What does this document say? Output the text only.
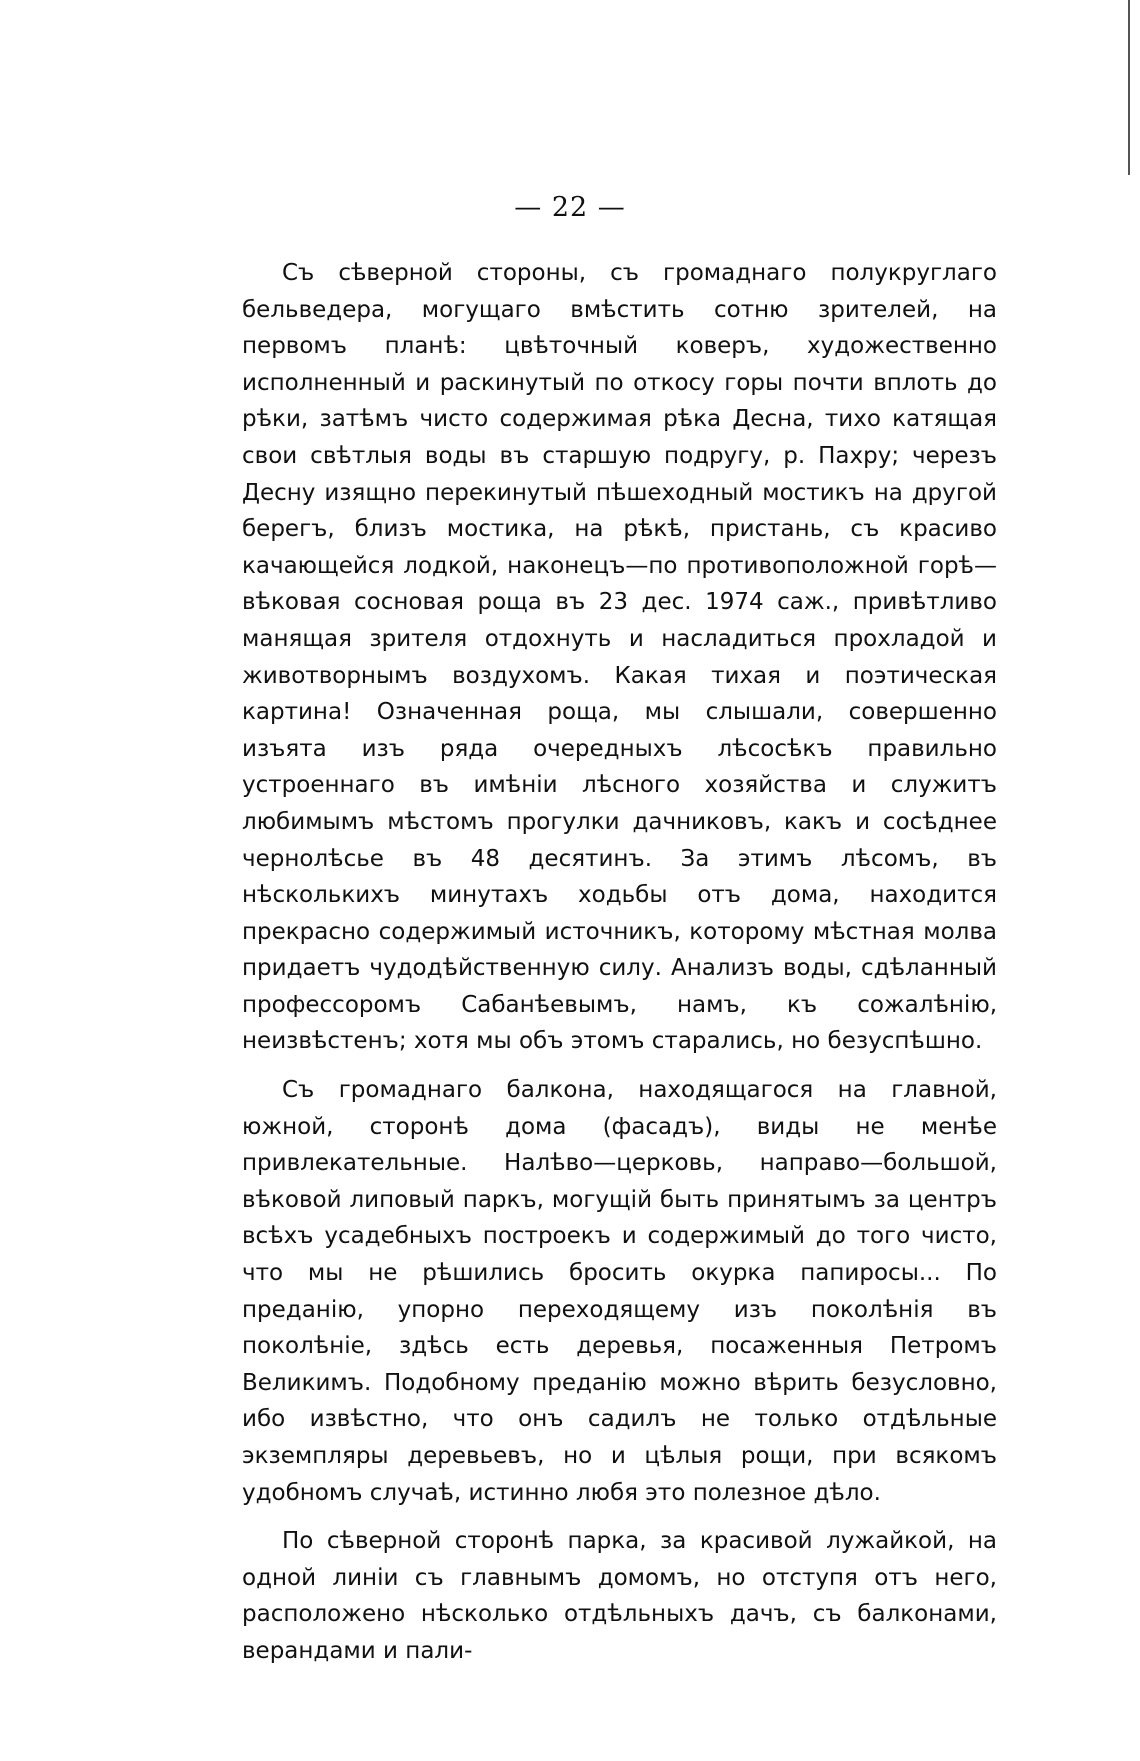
— 22 —

Съ сѣверной стороны, съ громаднаго полукруглаго бельведера, могущаго вмѣстить сотню зрителей, на первомъ планѣ: цвѣточный коверъ, художественно исполненный и раскинутый по откосу горы почти вплоть до рѣки, затѣмъ чисто содержимая рѣка Десна, тихо катящая свои свѣтлыя воды въ старшую подругу, р. Пахру; черезъ Десну изящно перекинутый пѣшеходный мостикъ на другой берегъ, близъ мостика, на рѣкѣ, пристань, съ красиво качающейся лодкой, наконецъ—по противоположной горѣ—вѣковая сосновая роща въ 23 дес. 1974 саж., привѣтливо манящая зрителя отдохнуть и насладиться прохладой и животворнымъ воздухомъ. Какая тихая и поэтическая картина! Означенная роща, мы слышали, совершенно изъята изъ ряда очередныхъ лѣсосѣкъ правильно устроеннаго въ имѣніи лѣсного хозяйства и служитъ любимымъ мѣстомъ прогулки дачниковъ, какъ и сосѣднее чернолѣсье въ 48 десятинъ. За этимъ лѣсомъ, въ нѣсколькихъ минутахъ ходьбы отъ дома, находится прекрасно содержимый источникъ, которому мѣстная молва придаетъ чудодѣйственную силу. Анализъ воды, сдѣланный профессоромъ Сабанѣевымъ, намъ, къ сожалѣнію, неизвѣстенъ; хотя мы объ этомъ старались, но безуспѣшно.

Съ громаднаго балкона, находящагося на главной, южной, сторонѣ дома (фасадъ), виды не менѣе привлекательные. Налѣво—церковь, направо—большой, вѣковой липовый паркъ, могущій быть принятымъ за центръ всѣхъ усадебныхъ построекъ и содержимый до того чисто, что мы не рѣшились бросить окурка папиросы... По преданію, упорно переходящему изъ поколѣнія въ поколѣніе, здѣсь есть деревья, посаженныя Петромъ Великимъ. Подобному преданію можно вѣрить безусловно, ибо извѣстно, что онъ садилъ не только отдѣльные экземпляры деревьевъ, но и цѣлыя рощи, при всякомъ удобномъ случаѣ, истинно любя это полезное дѣло.

По сѣверной сторонѣ парка, за красивой лужайкой, на одной линіи съ главнымъ домомъ, но отступя отъ него, расположено нѣсколько отдѣльныхъ дачъ, съ балконами, верандами и пали-
